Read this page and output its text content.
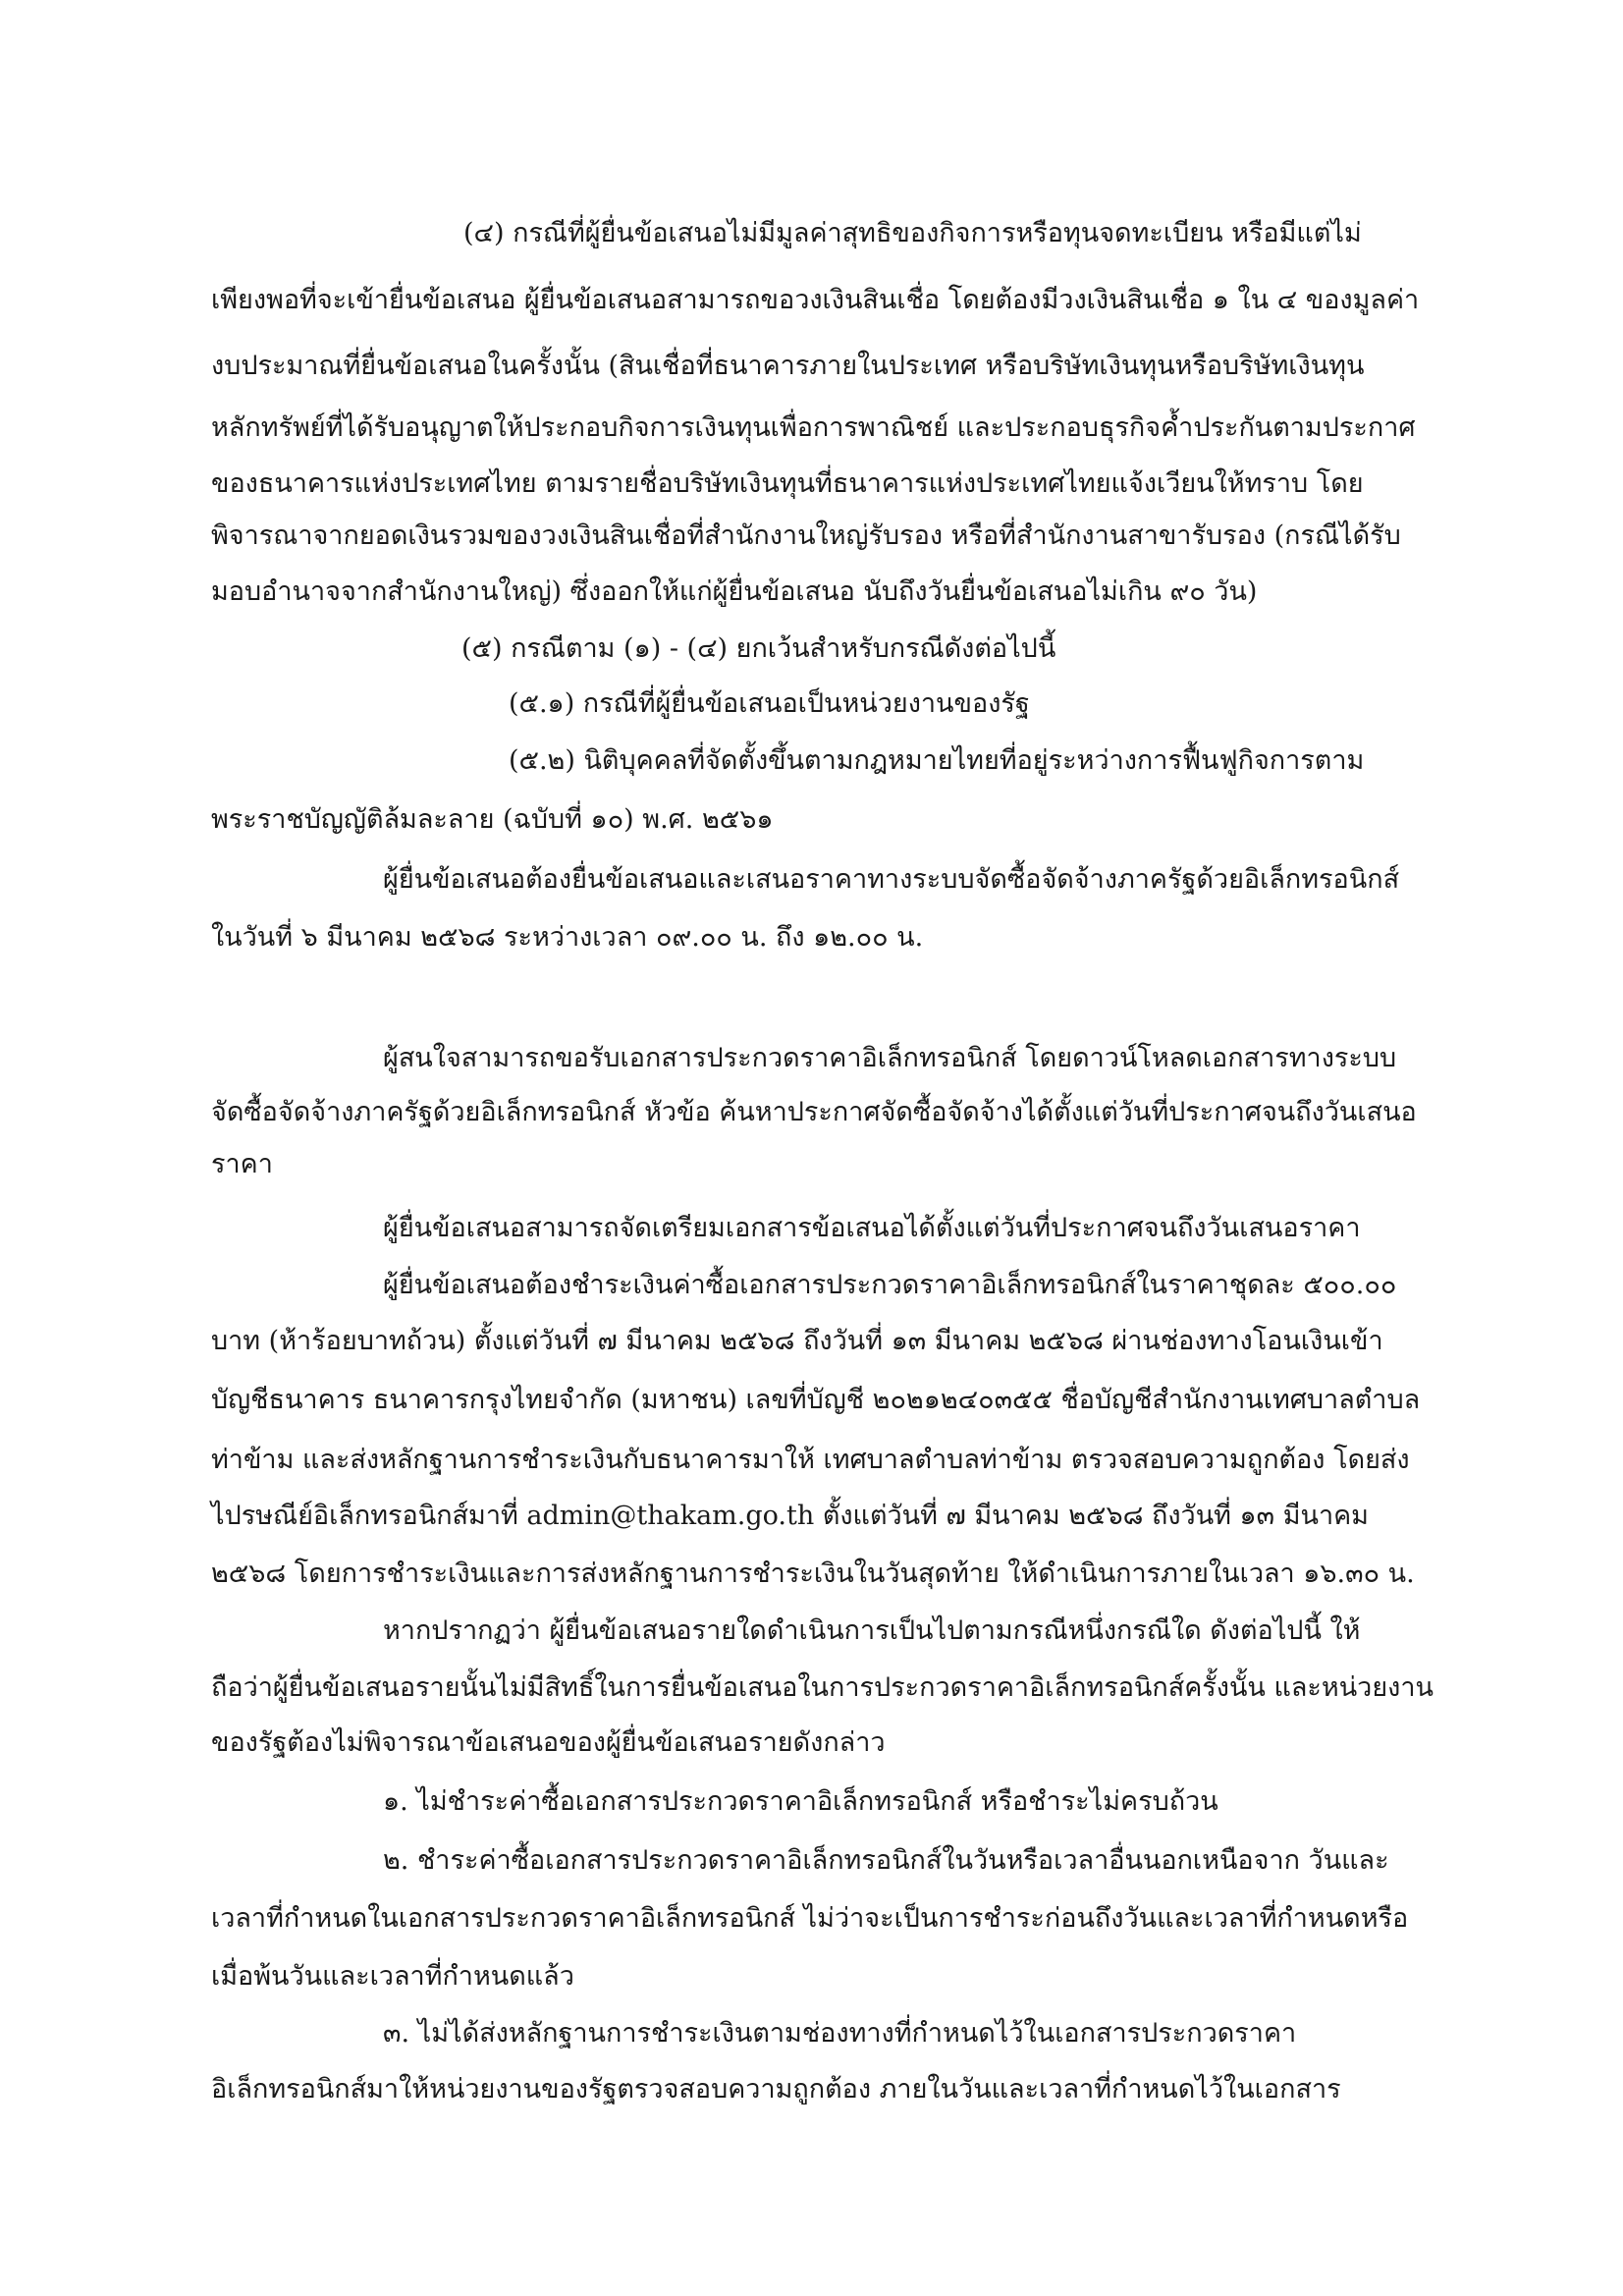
(๔) กรณีที่ผู้ยื่นข้อเสนอไม่มีมูลค่าสุทธิของกิจการหรือทุนจดทะเบียน หรือมีแต่ไม่
เพียงพอที่จะเข้ายื่นข้อเสนอ ผู้ยื่นข้อเสนอสามารถขอวงเงินสินเชื่อ โดยต้องมีวงเงินสินเชื่อ ๑ ใน ๔ ของมูลค่า
งบประมาณที่ยื่นข้อเสนอในครั้งนั้น (สินเชื่อที่ธนาคารภายในประเทศ หรือบริษัทเงินทุนหรือบริษัทเงินทุน
หลักทรัพย์ที่ได้รับอนุญาตให้ประกอบกิจการเงินทุนเพื่อการพาณิชย์ และประกอบธุรกิจค้ำประกันตามประกาศ
ของธนาคารแห่งประเทศไทย ตามรายชื่อบริษัทเงินทุนที่ธนาคารแห่งประเทศไทยแจ้งเวียนให้ทราบ โดย
พิจารณาจากยอดเงินรวมของวงเงินสินเชื่อที่สำนักงานใหญ่รับรอง หรือที่สำนักงานสาขารับรอง (กรณีได้รับ
มอบอำนาจจากสำนักงานใหญ่) ซึ่งออกให้แก่ผู้ยื่นข้อเสนอ นับถึงวันยื่นข้อเสนอไม่เกิน ๙๐ วัน)
(๕) กรณีตาม (๑) - (๔) ยกเว้นสำหรับกรณีดังต่อไปนี้
(๕.๑) กรณีที่ผู้ยื่นข้อเสนอเป็นหน่วยงานของรัฐ
(๕.๒) นิติบุคคลที่จัดตั้งขึ้นตามกฎหมายไทยที่อยู่ระหว่างการฟื้นฟูกิจการตาม
พระราชบัญญัติล้มละลาย (ฉบับที่ ๑๐) พ.ศ. ๒๕๖๑
ผู้ยื่นข้อเสนอต้องยื่นข้อเสนอและเสนอราคาทางระบบจัดซื้อจัดจ้างภาครัฐด้วยอิเล็กทรอนิกส์
ในวันที่ ๖ มีนาคม ๒๕๖๘ ระหว่างเวลา ๐๙.๐๐ น. ถึง ๑๒.๐๐ น.
ผู้สนใจสามารถขอรับเอกสารประกวดราคาอิเล็กทรอนิกส์ โดยดาวน์โหลดเอกสารทางระบบ
จัดซื้อจัดจ้างภาครัฐด้วยอิเล็กทรอนิกส์ หัวข้อ ค้นหาประกาศจัดซื้อจัดจ้างได้ตั้งแต่วันที่ประกาศจนถึงวันเสนอ
ราคา
ผู้ยื่นข้อเสนอสามารถจัดเตรียมเอกสารข้อเสนอได้ตั้งแต่วันที่ประกาศจนถึงวันเสนอราคา
ผู้ยื่นข้อเสนอต้องชำระเงินค่าซื้อเอกสารประกวดราคาอิเล็กทรอนิกส์ในราคาชุดละ ๕๐๐.๐๐
บาท (ห้าร้อยบาทถ้วน) ตั้งแต่วันที่ ๗ มีนาคม ๒๕๖๘ ถึงวันที่ ๑๓ มีนาคม ๒๕๖๘ ผ่านช่องทางโอนเงินเข้า
บัญชีธนาคาร ธนาคารกรุงไทยจำกัด (มหาชน) เลขที่บัญชี ๒๐๒๑๒๔๐๓๕๕ ชื่อบัญชีสำนักงานเทศบาลตำบล
ท่าข้าม และส่งหลักฐานการชำระเงินกับธนาคารมาให้ เทศบาลตำบลท่าข้าม ตรวจสอบความถูกต้อง โดยส่ง
ไปรษณีย์อิเล็กทรอนิกส์มาที่ admin@thakam.go.th ตั้งแต่วันที่ ๗ มีนาคม ๒๕๖๘ ถึงวันที่ ๑๓ มีนาคม
๒๕๖๘ โดยการชำระเงินและการส่งหลักฐานการชำระเงินในวันสุดท้าย ให้ดำเนินการภายในเวลา ๑๖.๓๐ น.
หากปรากฏว่า ผู้ยื่นข้อเสนอรายใดดำเนินการเป็นไปตามกรณีหนึ่งกรณีใด ดังต่อไปนี้ ให้
ถือว่าผู้ยื่นข้อเสนอรายนั้นไม่มีสิทธิ์ในการยื่นข้อเสนอในการประกวดราคาอิเล็กทรอนิกส์ครั้งนั้น และหน่วยงาน
ของรัฐต้องไม่พิจารณาข้อเสนอของผู้ยื่นข้อเสนอรายดังกล่าว
๑. ไม่ชำระค่าซื้อเอกสารประกวดราคาอิเล็กทรอนิกส์ หรือชำระไม่ครบถ้วน
๒. ชำระค่าซื้อเอกสารประกวดราคาอิเล็กทรอนิกส์ในวันหรือเวลาอื่นนอกเหนือจาก วันและ
เวลาที่กำหนดในเอกสารประกวดราคาอิเล็กทรอนิกส์ ไม่ว่าจะเป็นการชำระก่อนถึงวันและเวลาที่กำหนดหรือ
เมื่อพ้นวันและเวลาที่กำหนดแล้ว
๓. ไม่ได้ส่งหลักฐานการชำระเงินตามช่องทางที่กำหนดไว้ในเอกสารประกวดราคา
อิเล็กทรอนิกส์มาให้หน่วยงานของรัฐตรวจสอบความถูกต้อง ภายในวันและเวลาที่กำหนดไว้ในเอกสาร
